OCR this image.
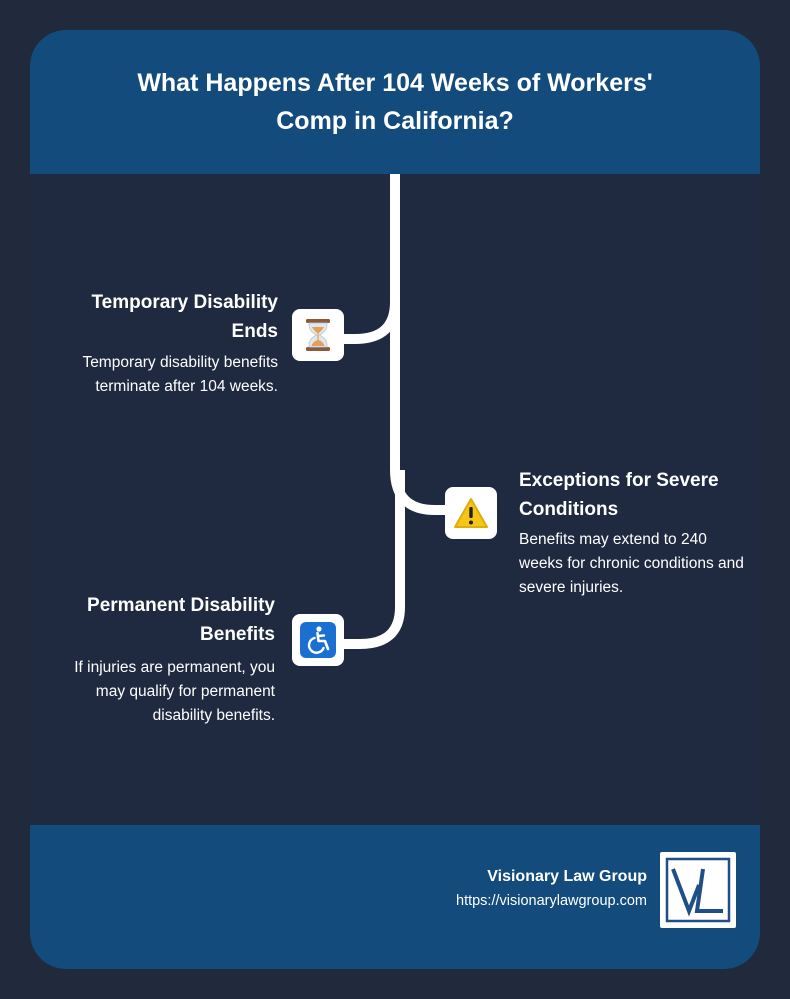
What Happens After 104 Weeks of Workers' Comp in California?
Temporary Disability Ends
Temporary disability benefits terminate after 104 weeks.
Exceptions for Severe Conditions
Benefits may extend to 240 weeks for chronic conditions and severe injuries.
Permanent Disability Benefits
If injuries are permanent, you may qualify for permanent disability benefits.
Visionary Law Group
https://visionarylawgroup.com
